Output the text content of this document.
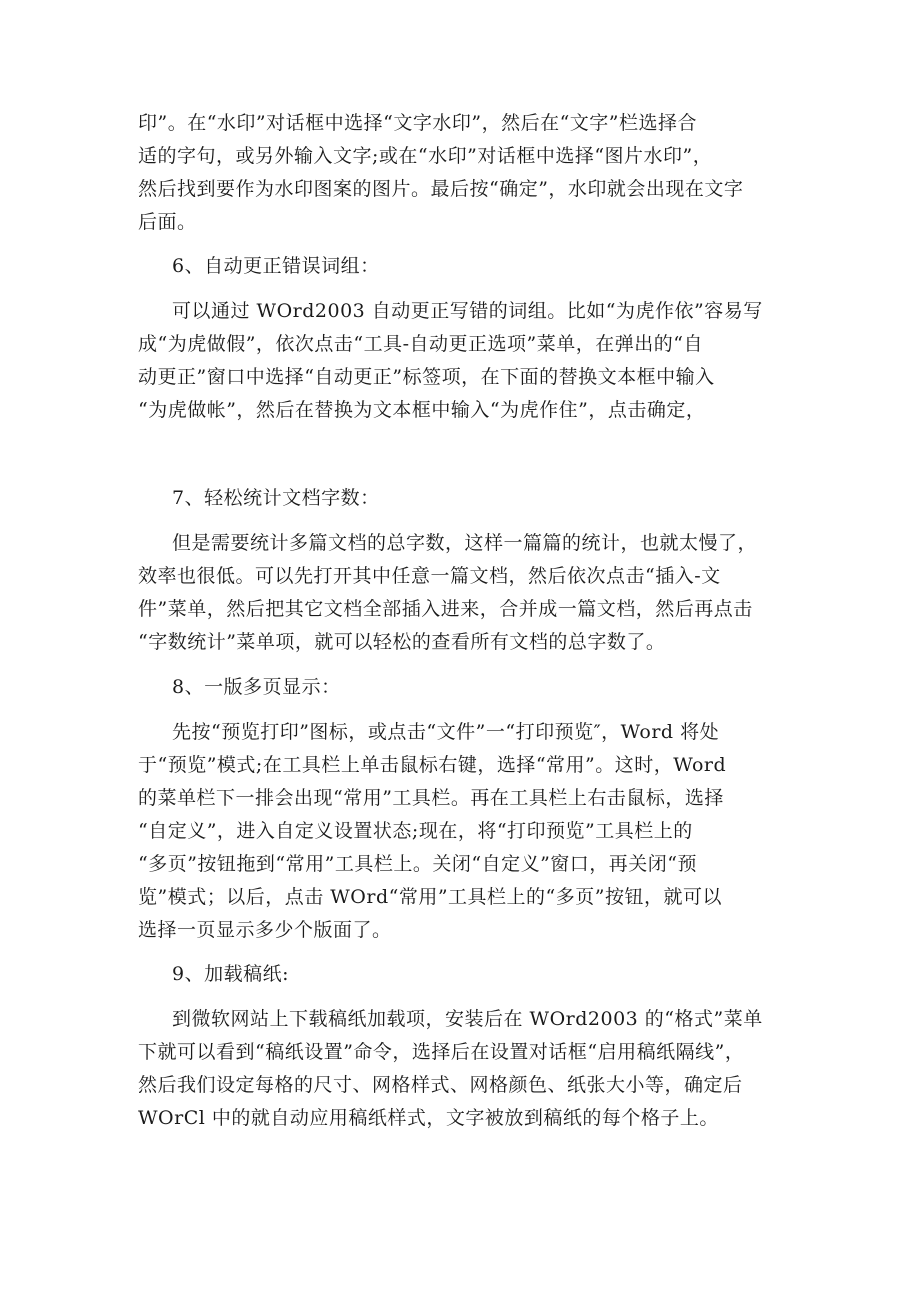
印”。在“水印”对话框中选择“文字水印”，然后在“文字”栏选择合
适的字句，或另外输入文字;或在“水印”对话框中选择“图片水印”，
然后找到要作为水印图案的图片。最后按“确定”，水印就会出现在文字
后面。
6、自动更正错误词组：
可以通过 WOrd2003 自动更正写错的词组。比如“为虎作依”容易写
成“为虎做假”，依次点击“工具-自动更正选项”菜单，在弹出的“自
动更正”窗口中选择“自动更正”标签项，在下面的替换文本框中输入
“为虎做帐”，然后在替换为文本框中输入“为虎作住”，点击确定，
7、轻松统计文档字数：
但是需要统计多篇文档的总字数，这样一篇篇的统计，也就太慢了，
效率也很低。可以先打开其中任意一篇文档，然后依次点击“插入-文
件”菜单，然后把其它文档全部插入进来，合并成一篇文档，然后再点击
“字数统计”菜单项，就可以轻松的查看所有文档的总字数了。
8、一版多页显示：
先按“预览打印”图标，或点击“文件”一“打印预览″，Word 将处
于“预览”模式;在工具栏上单击鼠标右键，选择“常用”。这时，Word
的菜单栏下一排会出现“常用”工具栏。再在工具栏上右击鼠标，选择
“自定义”，进入自定义设置状态;现在，将“打印预览”工具栏上的
“多页”按钮拖到“常用”工具栏上。关闭“自定义”窗口，再关闭“预
览”模式；以后，点击 WOrd“常用”工具栏上的“多页”按钮，就可以
选择一页显示多少个版面了。
9、加载稿纸:
到微软网站上下载稿纸加载项，安装后在 WOrd2003 的“格式”菜单
下就可以看到“稿纸设置”命令，选择后在设置对话框“启用稿纸隔线”，
然后我们设定每格的尺寸、网格样式、网格颜色、纸张大小等，确定后
WOrCl 中的就自动应用稿纸样式，文字被放到稿纸的每个格子上。
